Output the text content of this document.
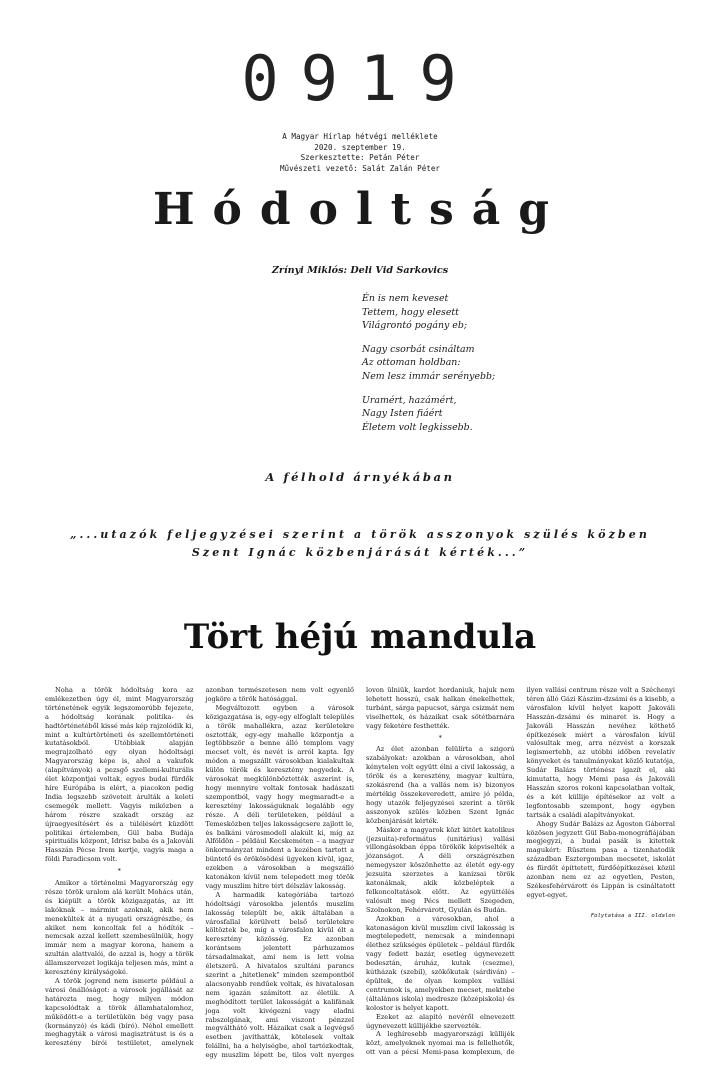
0919
A Magyar Hírlap hétvégi melléklete
2020. szeptember 19.
Szerkesztette: Petán Péter
Művészeti vezető: Salát Zalán Péter
Hódoltság
Zrínyi Miklós: Deli Vid Sarkovics
Én is nem keveset
Tettem, hogy elesett
Világrontó pogány eb;
Nagy csorbát csináltam
Az ottoman holdban:
Nem lesz immár serényebb;
Uramért, hazámért,
Nagy Isten fiáért
Életem volt legkissebb.
A félhold árnyékában
„...utazók feljegyzései szerint a török asszonyok szülés közben
Szent Ignác közbenjárását kérték...”
Tört héjú mandula

Noha a török hódoltság kora az emlékezetben úgy él, mint Magyarország történetének egyik legszomorúbb fejezete, a hódoltság korának politika- és hadtörténetéből kissé más kép rajzolódik ki, mint a kultúrtörténeti és szellemtörténeti kutatásokból. Utóbbiak alapján megrajzolható egy olyan hódoltsági Magyarország képe is, ahol a vakufok (alapítványok) a pezsgő szellemi-kulturális élet központjai voltak, egyes budai fürdők híre Európába is elért, a piacokon pedig India legszebb szöveteit árulták a keleti csemegék mellett. Vagyis miközben a három részre szakadt ország az újraegyesítésért és a túlélésért küzdött politikai értelemben, Gül baba Budája spirituális központ, Idrisz baba és a Jakováli Hasszán Pécse Irem kertje, vagyis maga a földi Paradicsom volt.

*

Amikor a történelmi Magyarország egy része török uralom alá került Mohács után, és kiépült a török közigazgatás, az itt lakóknak – mármint azoknak, akik nem menekültek át a nyugati országrészbe, és akiket nem koncoltak fel a hódítók – nemcsak azzal kellett szembesülniük, hogy immár nem a magyar korona, hanem a szultán alattvalói, de azzal is, hogy a török államszervezet logikája teljesen más, mint a keresztény királyságoké.

A török jogrend nem ismerte például a városi önállóságot: a városok jogállását az határozta meg, hogy milyen módon kapcsolódtak a török államhatalomhoz, működött-e a területükön bég vagy pasa (kormányzó) és kádi (bíró). Néhol emellett meghagyták a városi magisztrátust is és a keresztény bírói testületet, amelynek azonban természetesen nem volt egyenlő jogköre a török hatósággal.

Megváltozott egyben a városok közigazgatása is, egy-egy elfoglalt település a török mahallékra, azaz kerületekre osztották, egy-egy mahalle központja a legtöbbször a benne álló templom vagy mecset volt, és nevét is arról kapta. Így módon a megszállt városokban kialakultak külön török és keresztény negyedek. A városokat megkülönböztették aszerint is, hogy mennyire voltak fontosak hadászati szempontból, vagy hogy megmaradt-e a keresztény lakosságuknak legalább egy része. A déli területeken, például a Temesközben teljes lakosságcsere zajlott le, és balkáni városmodell alakult ki, míg az Alföldön – például Kecskeméten – a magyar önkormányzat mindent a kezében tartott a büntető és örökösödési ügyeken kívül, igaz, ezekben a városokban a megszálló katonákon kívül nem telepedett meg török vagy muszlim hitre tért délszláv lakosság.

A harmadik kategóriába tartozó hódoltsági városokba jelentős muszlim lakosság települt be, akik általában a városfallal körülvett belső területekre költöztek be, míg a városfalon kívül élt a keresztény közösség. Ez azonban korántsem jelentett párhuzamos társadalmakat, ami nem is lett volna életszerű. A hivatalos szultáni parancs szerint a „hitetlenek” minden szempontból alacsonyabb rendűek voltak, és hivatalosan nem igazán számított az életük. A meghódított terület lakosságát a kalifának joga volt kivégezni vagy eladni rabszolgának, ami viszont pénzzel megválthátó volt. Házaikat csak a legvégső esetben javíthatták, kötelesek voltak felállni, ha a helyiségbe, ahol tartózkodtak, egy muszlim lépett be, tilos volt nyerges lovon ülniük, kardot hordaniuk, hajuk nem lehetett hosszú, csak halkan énekelhettek, turbánt, sárga papucsot, sárga csizmát nem viselhettek, és házaikat csak sötétbarnára vagy feketére festhették.

*

Az élet azonban felülírta a szigorú szabályokat: azokban a városokban, ahol kénytelen volt együtt élni a civil lakosság, a török és a keresztény, magyar kultúra, szokásrend (ha a vallás nem is) bizonyos mértékig összekeveredett, amire jó példa, hogy utazók feljegyzései szerint a török asszonyok szülés közben Szent Ignác közbenjárását kérték.

Máskor a magyarok közt kitört katolikus (jezsuita)-református (unitárius) vallási villongásokban éppa törökök képviselték a józanságot. A déli országrészben nemegyszer köszönhette az életét egy-egy jezsuita szerzetes a kanizsai török katonáknak, akik közbeléptek a felkoncoltatások előtt. Az együttélés valósult meg Pécs mellett Szegeden, Szolnokon, Fehérvárott, Gyulán és Budán.

Azokban a városokban, ahol a katonaságon kívül muszlim civil lakosság is megtelepedett, nemcsak a mindennapi élethez szükséges épületek – például fürdők vagy fedett bazár, esetleg úgynevezett bedesztán, áruház, kutak (csezme), kútházak (szebil), szökőkutak (sárdiván) – épültek, de olyan komplex vallási centrumok is, amelyekben mecset, mektebe (általános iskola) medresze (középiskola) és kolostor is helyet kapott.

Ezeket az alapító nevéről elnevezett úgynevezett küllijékbe szervezték.

A leghíresebb magyarországi küllijék közt, amelyeknek nyomai ma is fellelhetők, ott van a pécsi Memi-pasa komplexum, de ilyen vallási centrum része volt a Széchenyi téren álló Gázi Kászim-dzsámi és a kisebb, a városfalon kívül helyet kapott Jakováli Hasszán-dzsámi és minaret is. Hogy a Jakováli Hasszán nevéhez köthető építkezések miért a városfalon kívül valósultak meg, arra nézvést a korszak legismertebb, az utóbbi időben revelatív könyveket és tanulmányokat közlő kutatója, Sudár Balázs történész igazít el, aki kimutatta, hogy Memi pasa és Jakováli Hasszán szoros rokoni kapcsolatban voltak, és a két küllije építésekor az volt a legfontosabb szempont, hogy egyben tartsák a családi alapítványokat.

Ahogy Sudár Balázs az Ágoston Gáborral közösen jegyzett Gül Baba-monográfiájában megjegyzi, a budai pasák is kitettek magukért: Rüsztem pasa a tizenhatodik században Esztergomban mecsetet, iskolát és fürdőt építtetett, fürdőépítkezései közül azonban nem ez az egyetlen, Pesten, Székesfehérvárott és Lippán is csináltatott egyet-egyet.

Folytatása a III. oldalon
